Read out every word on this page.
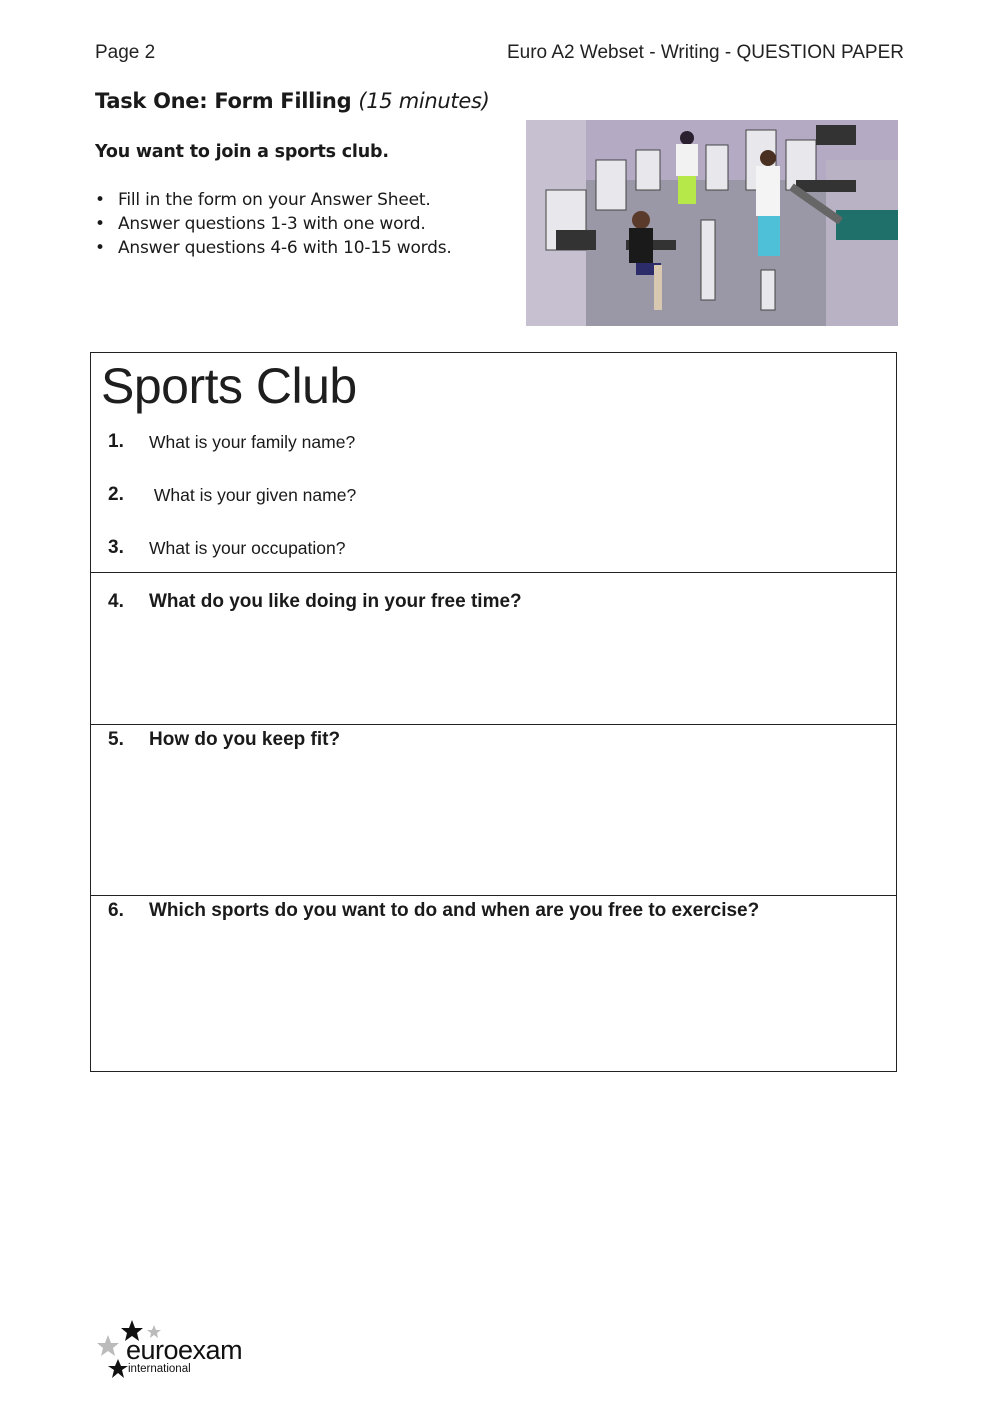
Page 2	Euro A2 Webset - Writing - QUESTION PAPER
Task One: Form Filling (15 minutes)
You want to join a sports club.
• Fill in the form on your Answer Sheet.
• Answer questions 1-3 with one word.
• Answer questions 4-6 with 10-15 words.
Sports Club
1. What is your family name?
2. What is your given name?
3. What is your occupation?
4. What do you like doing in your free time?
5. How do you keep fit?
6. Which sports do you want to do and when are you free to exercise?
euroexam
international
